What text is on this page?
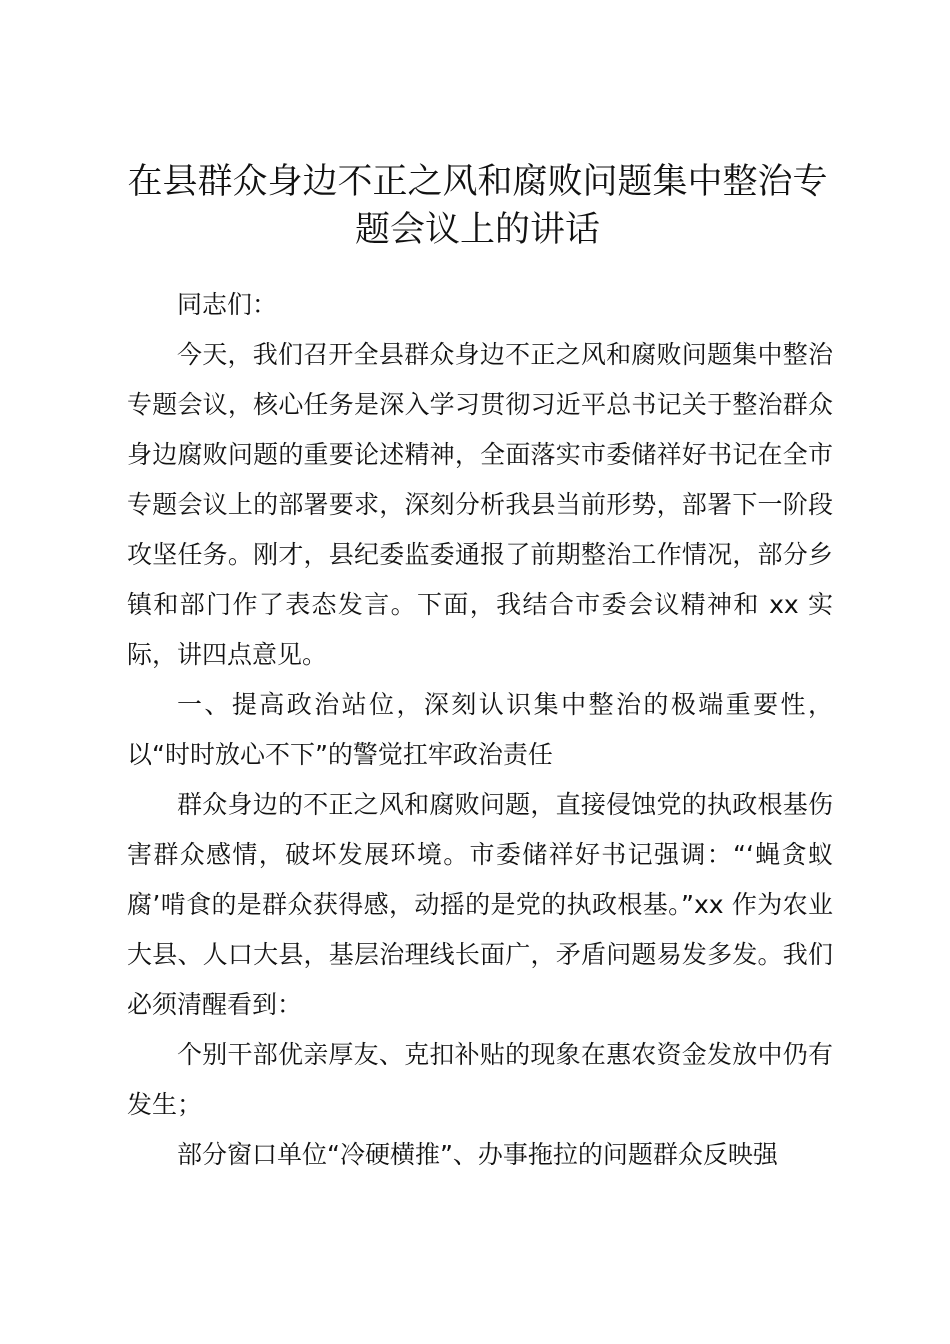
在县群众身边不正之风和腐败问题集中整治专题会议上的讲话

同志们：

今天，我们召开全县群众身边不正之风和腐败问题集中整治专题会议，核心任务是深入学习贯彻习近平总书记关于整治群众身边腐败问题的重要论述精神，全面落实市委储祥好书记在全市专题会议上的部署要求，深刻分析我县当前形势，部署下一阶段攻坚任务。刚才，县纪委监委通报了前期整治工作情况，部分乡镇和部门作了表态发言。下面，我结合市委会议精神和 xx 实际，讲四点意见。

一、提高政治站位，深刻认识集中整治的极端重要性，以“时时放心不下”的警觉扛牢政治责任

群众身边的不正之风和腐败问题，直接侵蚀党的执政根基伤害群众感情，破坏发展环境。市委储祥好书记强调：“‘蝇贪蚁腐’啃食的是群众获得感，动摇的是党的执政根基。”xx 作为农业大县、人口大县，基层治理线长面广，矛盾问题易发多发。我们必须清醒看到：

个别干部优亲厚友、克扣补贴的现象在惠农资金发放中仍有发生；

部分窗口单位“冷硬横推”、办事拖拉的问题群众反映强
